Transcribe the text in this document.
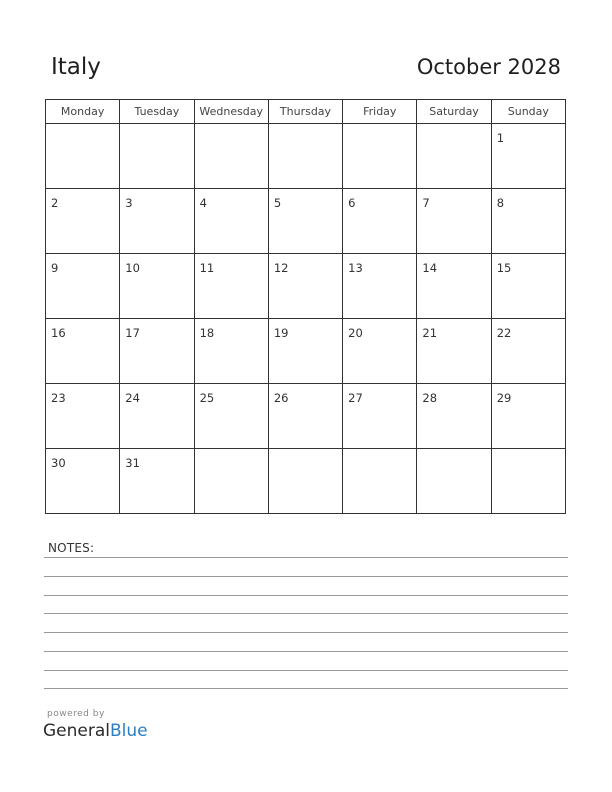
Italy	October 2028
Monday	Tuesday	Wednesday	Thursday	Friday	Saturday	Sunday

						1

2	3	4	5	6	7	8

9	10	11	12	13	14	15

16	17	18	19	20	21	22

23	24	25	26	27	28	29

30	31					

NOTES:
powered by
GeneralBlue
